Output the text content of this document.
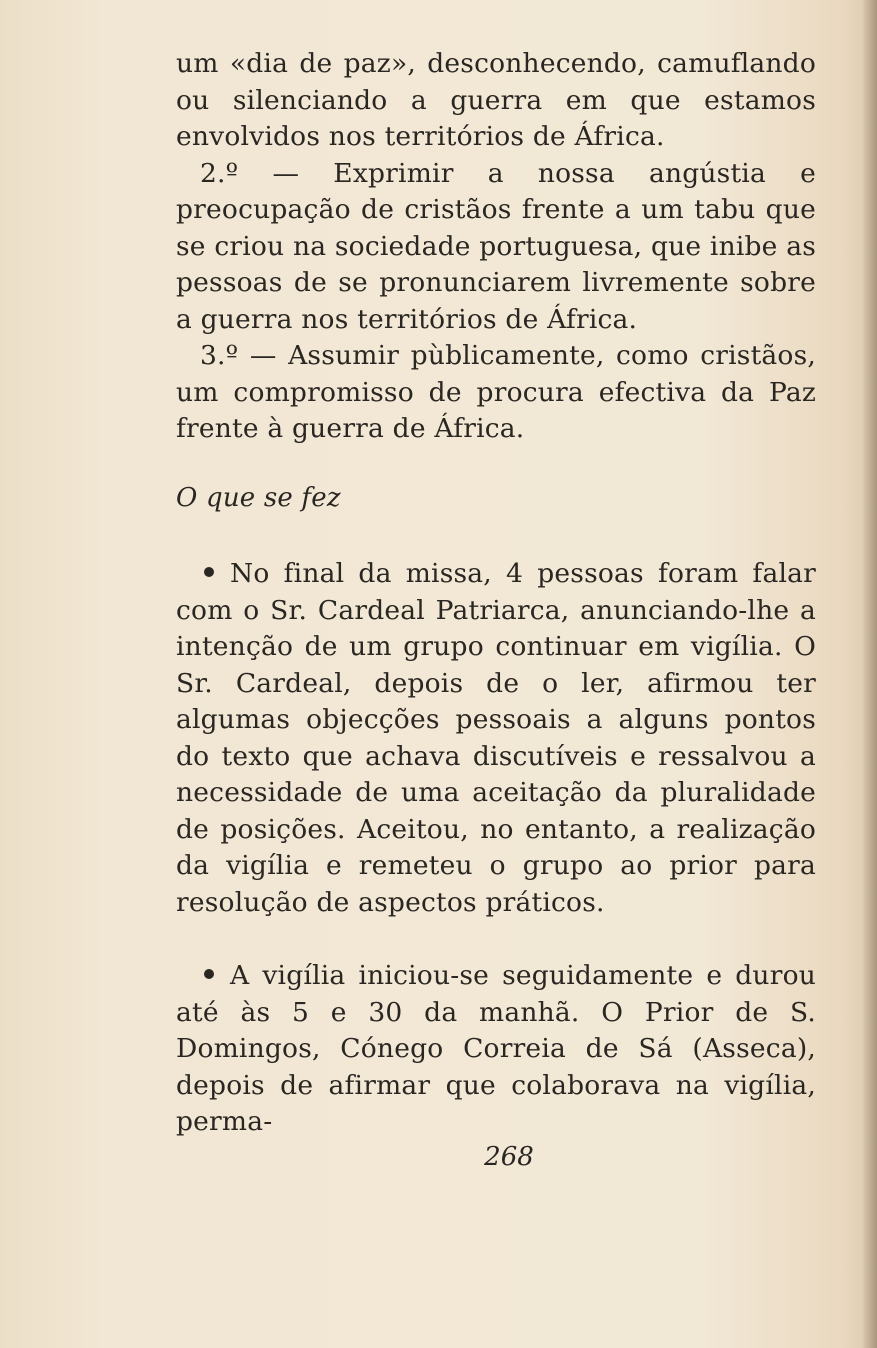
um «dia de paz», desconhecendo, camuflando ou silenciando a guerra em que estamos envolvidos nos territórios de África.

2.º — Exprimir a nossa angústia e preocupação de cristãos frente a um tabu que se criou na sociedade portuguesa, que inibe as pessoas de se pronunciarem livremente sobre a guerra nos territórios de África.

3.º — Assumir pùblicamente, como cristãos, um compromisso de procura efectiva da Paz frente à guerra de África.

O que se fez

No final da missa, 4 pessoas foram falar com o Sr. Cardeal Patriarca, anunciando-lhe a intenção de um grupo continuar em vigília. O Sr. Cardeal, depois de o ler, afirmou ter algumas objecções pessoais a alguns pontos do texto que achava discutíveis e ressalvou a necessidade de uma aceitação da pluralidade de posições. Aceitou, no entanto, a realização da vigília e remeteu o grupo ao prior para resolução de aspectos práticos.

A vigília iniciou-se seguidamente e durou até às 5 e 30 da manhã. O Prior de S. Domingos, Cónego Correia de Sá (Asseca), depois de afirmar que colaborava na vigília, perma-

268
